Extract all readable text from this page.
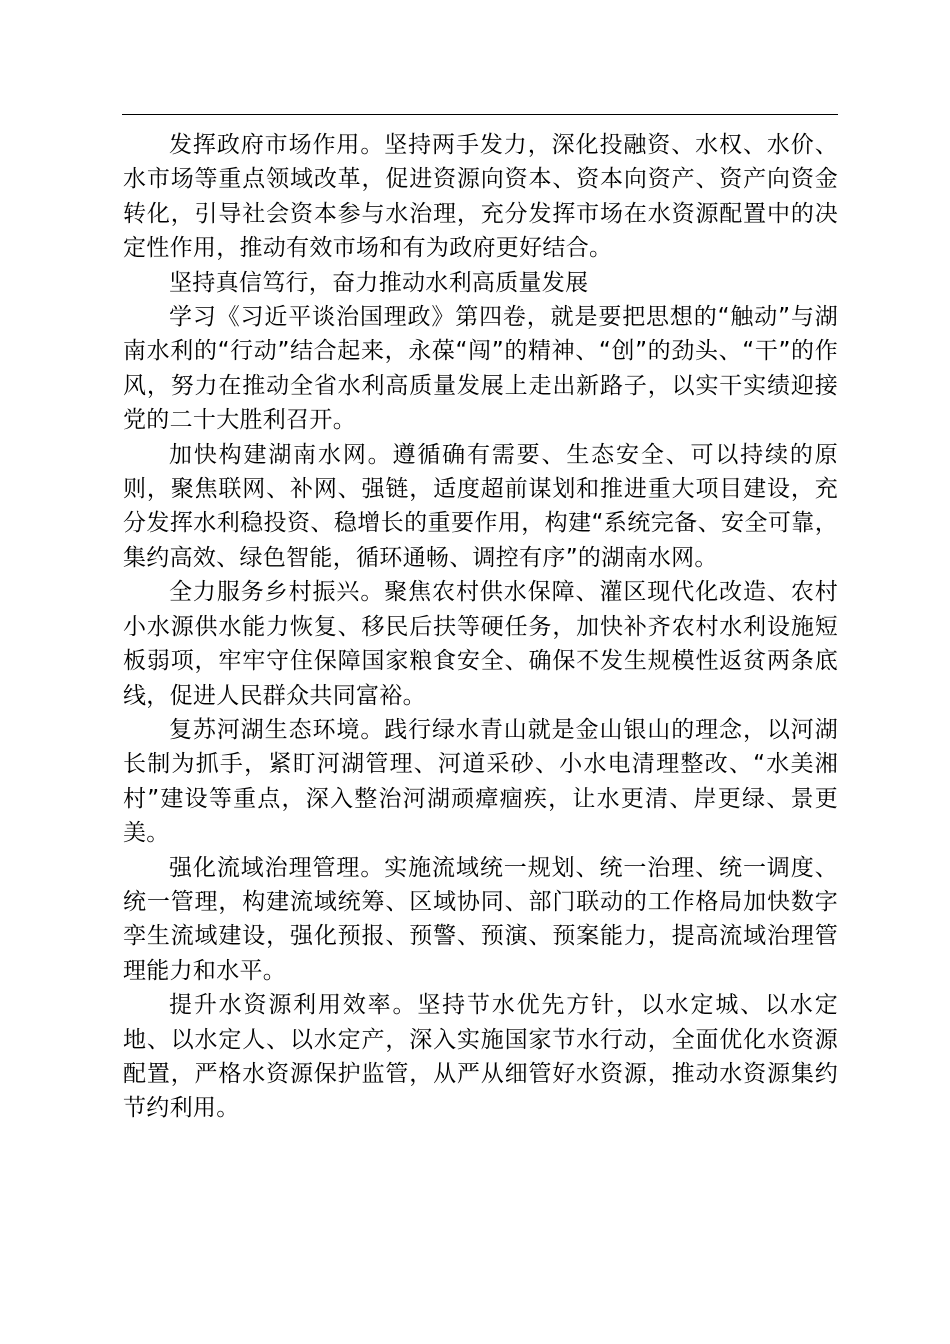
发挥政府市场作用。坚持两手发力，深化投融资、水权、水价、水市场等重点领域改革，促进资源向资本、资本向资产、资产向资金转化，引导社会资本参与水治理，充分发挥市场在水资源配置中的决定性作用，推动有效市场和有为政府更好结合。

坚持真信笃行，奋力推动水利高质量发展

学习《习近平谈治国理政》第四卷，就是要把思想的“触动”与湖南水利的“行动”结合起来，永葆“闯”的精神、“创”的劲头、“干”的作风，努力在推动全省水利高质量发展上走出新路子，以实干实绩迎接党的二十大胜利召开。

加快构建湖南水网。遵循确有需要、生态安全、可以持续的原则，聚焦联网、补网、强链，适度超前谋划和推进重大项目建设，充分发挥水利稳投资、稳增长的重要作用，构建“系统完备、安全可靠，集约高效、绿色智能，循环通畅、调控有序”的湖南水网。

全力服务乡村振兴。聚焦农村供水保障、灌区现代化改造、农村小水源供水能力恢复、移民后扶等硬任务，加快补齐农村水利设施短板弱项，牢牢守住保障国家粮食安全、确保不发生规模性返贫两条底线，促进人民群众共同富裕。

复苏河湖生态环境。践行绿水青山就是金山银山的理念，以河湖长制为抓手，紧盯河湖管理、河道采砂、小水电清理整改、“水美湘村”建设等重点，深入整治河湖顽瘴痼疾，让水更清、岸更绿、景更美。

强化流域治理管理。实施流域统一规划、统一治理、统一调度、统一管理，构建流域统筹、区域协同、部门联动的工作格局加快数字孪生流域建设，强化预报、预警、预演、预案能力，提高流域治理管理能力和水平。

提升水资源利用效率。坚持节水优先方针，以水定城、以水定地、以水定人、以水定产，深入实施国家节水行动，全面优化水资源配置，严格水资源保护监管，从严从细管好水资源，推动水资源集约节约利用。
